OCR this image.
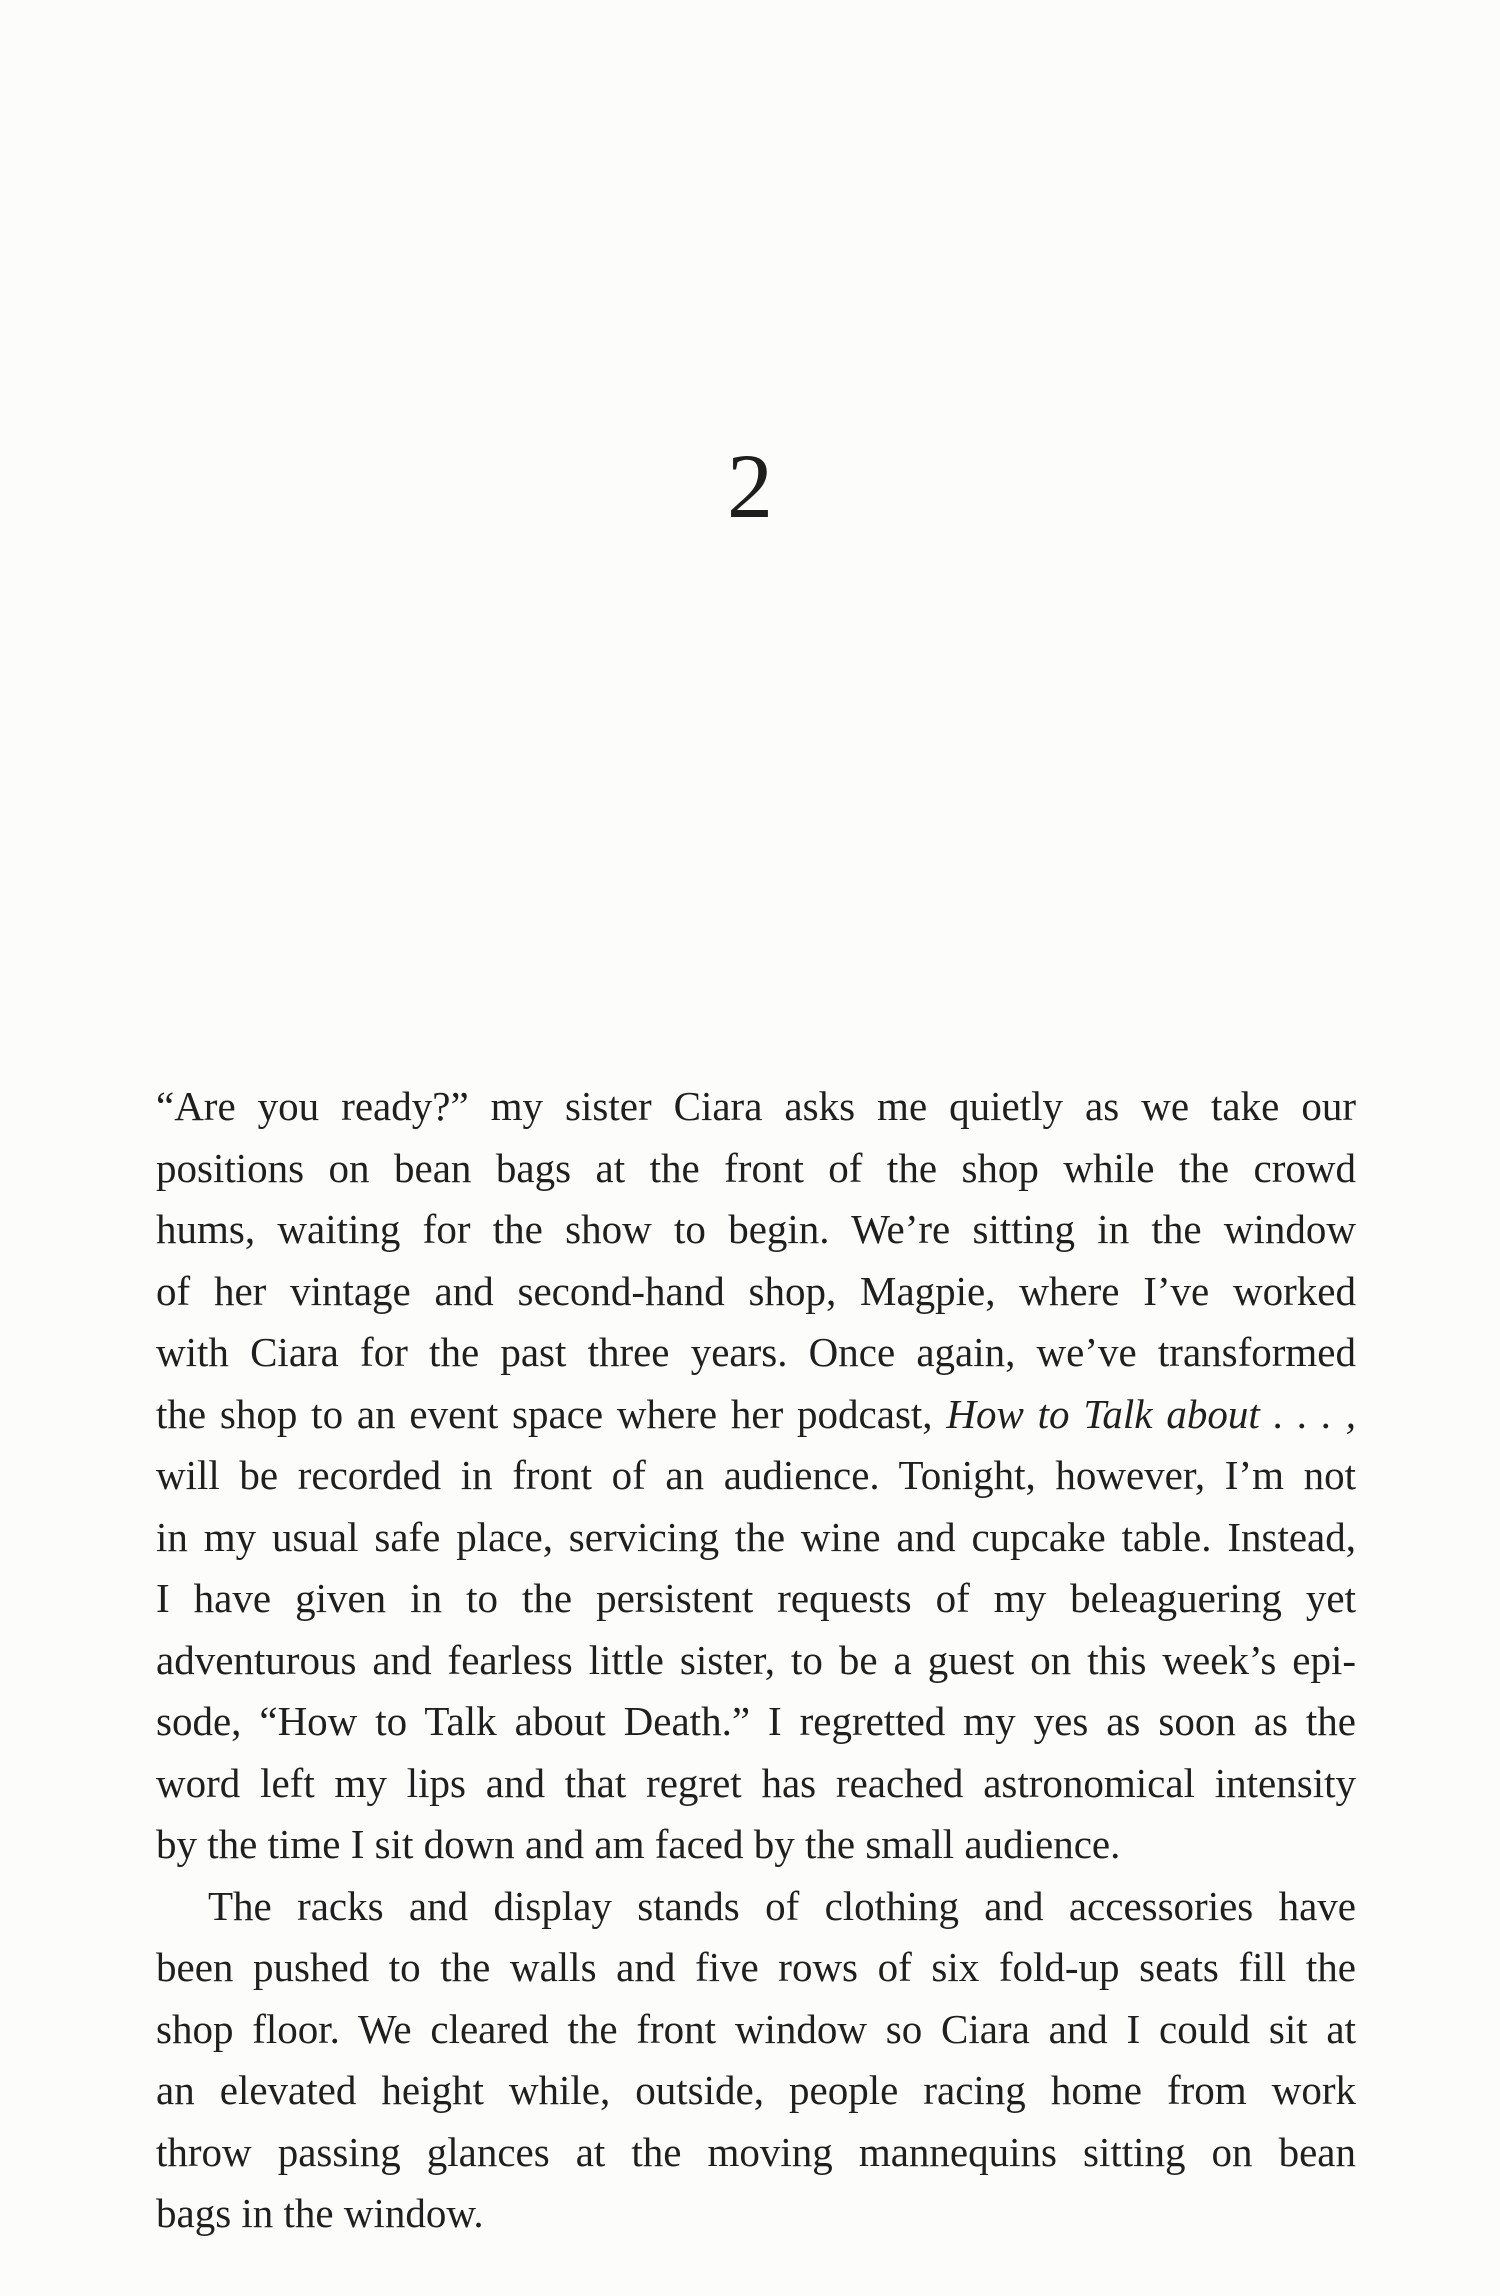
2

“Are you ready?” my sister Ciara asks me quietly as we take our
positions on bean bags at the front of the shop while the crowd
hums, waiting for the show to begin. We’re sitting in the window
of her vintage and second-hand shop, Magpie, where I’ve worked
with Ciara for the past three years. Once again, we’ve transformed
the shop to an event space where her podcast, How to Talk about . . . ,
will be recorded in front of an audience. Tonight, however, I’m not
in my usual safe place, servicing the wine and cupcake table. Instead,
I have given in to the persistent requests of my beleaguering yet
adventurous and fearless little sister, to be a guest on this week’s epi-
sode, “How to Talk about Death.” I regretted my yes as soon as the
word left my lips and that regret has reached astronomical intensity
by the time I sit down and am faced by the small audience.

The racks and display stands of clothing and accessories have
been pushed to the walls and five rows of six fold-up seats fill the
shop floor. We cleared the front window so Ciara and I could sit at
an elevated height while, outside, people racing home from work
throw passing glances at the moving mannequins sitting on bean
bags in the window.
